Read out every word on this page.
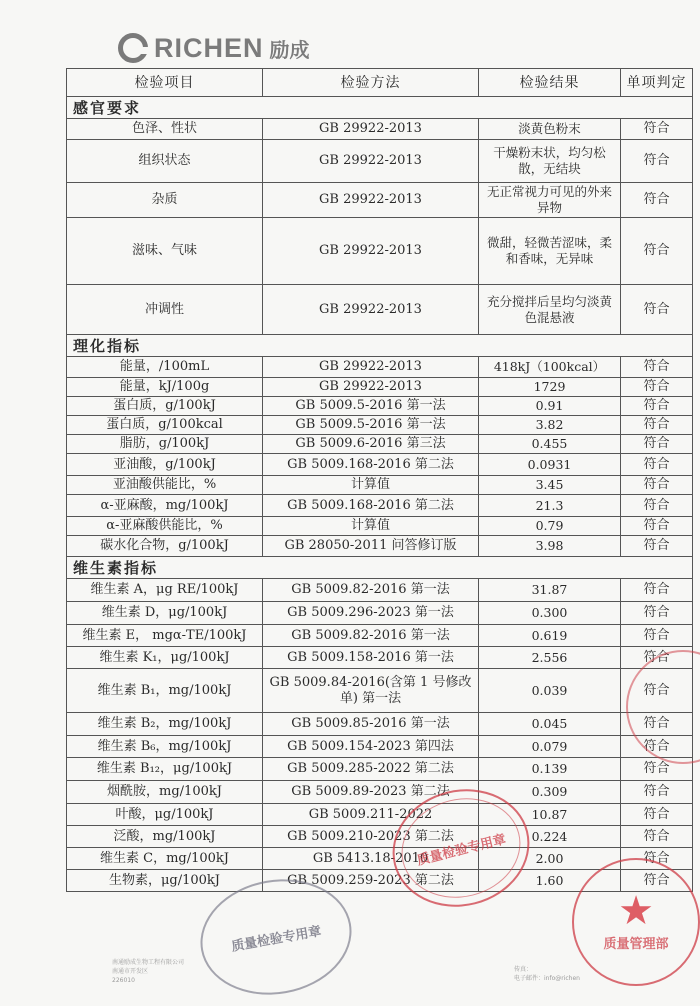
RICHEN 励成
检验项目	检验方法	检验结果	单项判定
感官要求			
色泽、性状	GB 29922-2013	淡黄色粉末	符合
组织状态	GB 29922-2013	干燥粉末状，均匀松散，无结块	符合
杂质	GB 29922-2013	无正常视力可见的外来异物	符合
滋味、气味	GB 29922-2013	微甜，轻微苦涩味，柔和香味，无异味	符合
冲调性	GB 29922-2013	充分搅拌后呈均匀淡黄色混悬液	符合
理化指标			
能量，/100mL	GB 29922-2013	418kJ（100kcal）	符合
能量，kJ/100g	GB 29922-2013	1729	符合
蛋白质，g/100kJ	GB 5009.5-2016 第一法	0.91	符合
蛋白质，g/100kcal	GB 5009.5-2016 第一法	3.82	符合
脂肪，g/100kJ	GB 5009.6-2016 第三法	0.455	符合
亚油酸，g/100kJ	GB 5009.168-2016 第二法	0.0931	符合
亚油酸供能比，%	计算值	3.45	符合
α-亚麻酸，mg/100kJ	GB 5009.168-2016 第二法	21.3	符合
α-亚麻酸供能比，%	计算值	0.79	符合
碳水化合物，g/100kJ	GB 28050-2011 问答修订版	3.98	符合
维生素指标			
维生素 A，μg RE/100kJ	GB 5009.82-2016 第一法	31.87	符合
维生素 D，μg/100kJ	GB 5009.296-2023 第一法	0.300	符合
维生素 E， mgα-TE/100kJ	GB 5009.82-2016 第一法	0.619	符合
维生素 K₁，μg/100kJ	GB 5009.158-2016 第一法	2.556	符合
维生素 B₁，mg/100kJ	GB 5009.84-2016(含第 1 号修改单) 第一法	0.039	符合
维生素 B₂，mg/100kJ	GB 5009.85-2016 第一法	0.045	符合
维生素 B₆，mg/100kJ	GB 5009.154-2023 第四法	0.079	符合
维生素 B₁₂，μg/100kJ	GB 5009.285-2022 第二法	0.139	符合
烟酰胺，mg/100kJ	GB 5009.89-2023 第二法	0.309	符合
叶酸，μg/100kJ	GB 5009.211-2022	10.87	符合
泛酸，mg/100kJ	GB 5009.210-2023 第二法	0.224	符合
维生素 C，mg/100kJ	GB 5413.18-2010	2.00	符合
生物素，μg/100kJ	GB 5009.259-2023 第二法	1.60	符合
质量检验专用章
质量检验专用章
★
质量管理部
南通励成生物工程有限公司
南通市开发区
226010
传真：
电子邮件：info@richen
